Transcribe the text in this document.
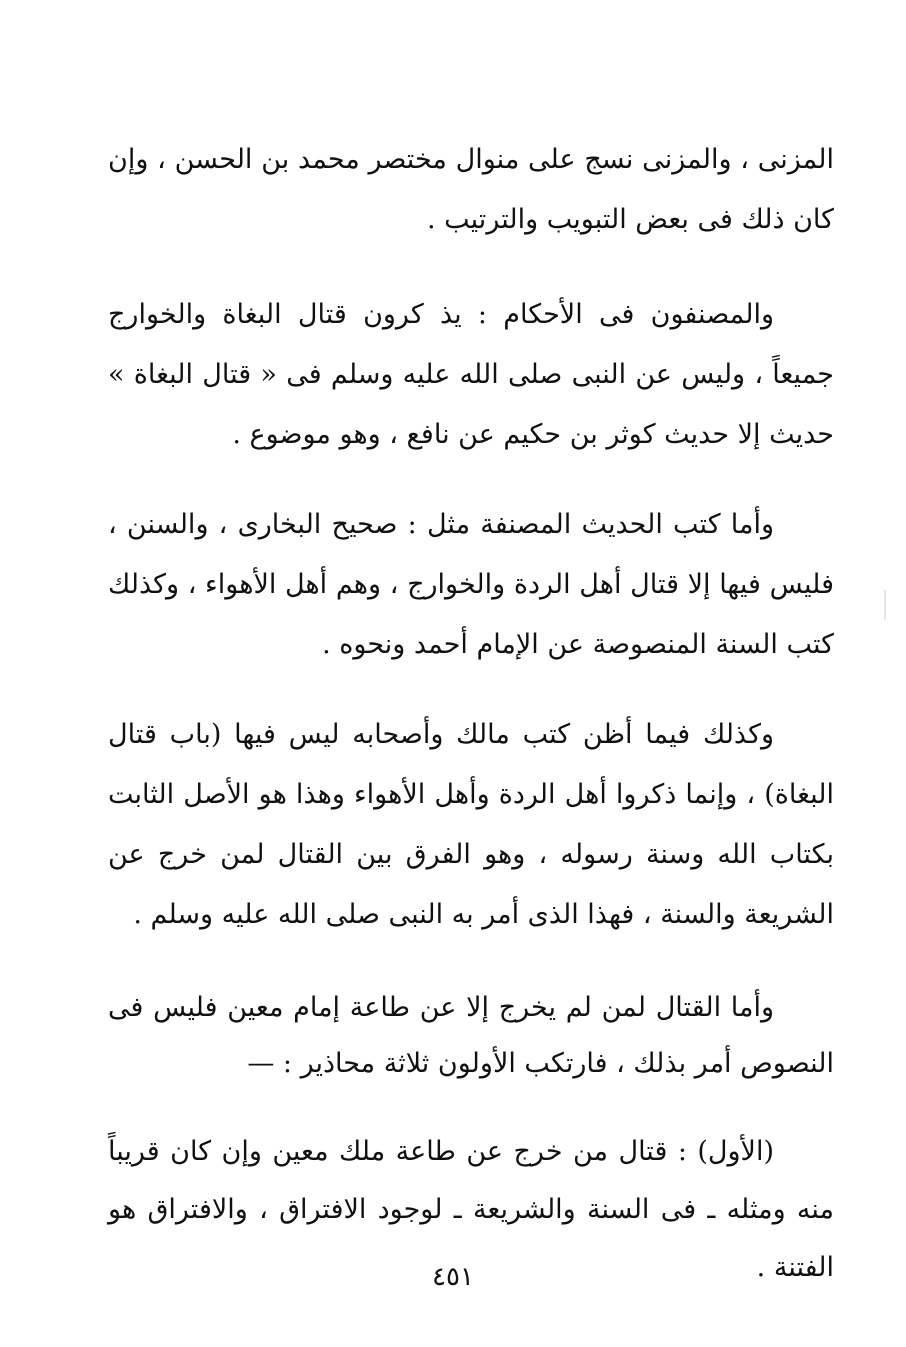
المزنى ، والمزنى نسج على منوال مختصر محمد بن الحسن ، وإن كان ذلك فى بعض التبويب والترتيب .

والمصنفون فى الأحكام : يذ كرون قتال البغاة والخوارج جميعاً ، وليس عن النبى صلى الله عليه وسلم فى « قتال البغاة » حديث إلا حديث كوثر بن حكيم عن نافع ، وهو موضوع .

وأما كتب الحديث المصنفة مثل : صحيح البخارى ، والسنن ، فليس فيها إلا قتال أهل الردة والخوارج ، وهم أهل الأهواء ، وكذلك كتب السنة المنصوصة عن الإمام أحمد ونحوه .

وكذلك فيما أظن كتب مالك وأصحابه ليس فيها (باب قتال البغاة) ، وإنما ذكروا أهل الردة وأهل الأهواء وهذا هو الأصل الثابت بكتاب الله وسنة رسوله ، وهو الفرق بين القتال لمن خرج عن الشريعة والسنة ، فهذا الذى أمر به النبى صلى الله عليه وسلم .

وأما القتال لمن لم يخرج إلا عن طاعة إمام معين فليس فى النصوص أمر بذلك ، فارتكب الأولون ثلاثة محاذير : —

(الأول) : قتال من خرج عن طاعة ملك معين وإن كان قريباً منه ومثله ـ فى السنة والشريعة ـ لوجود الافتراق ، والافتراق هو الفتنة .

٤٥١
